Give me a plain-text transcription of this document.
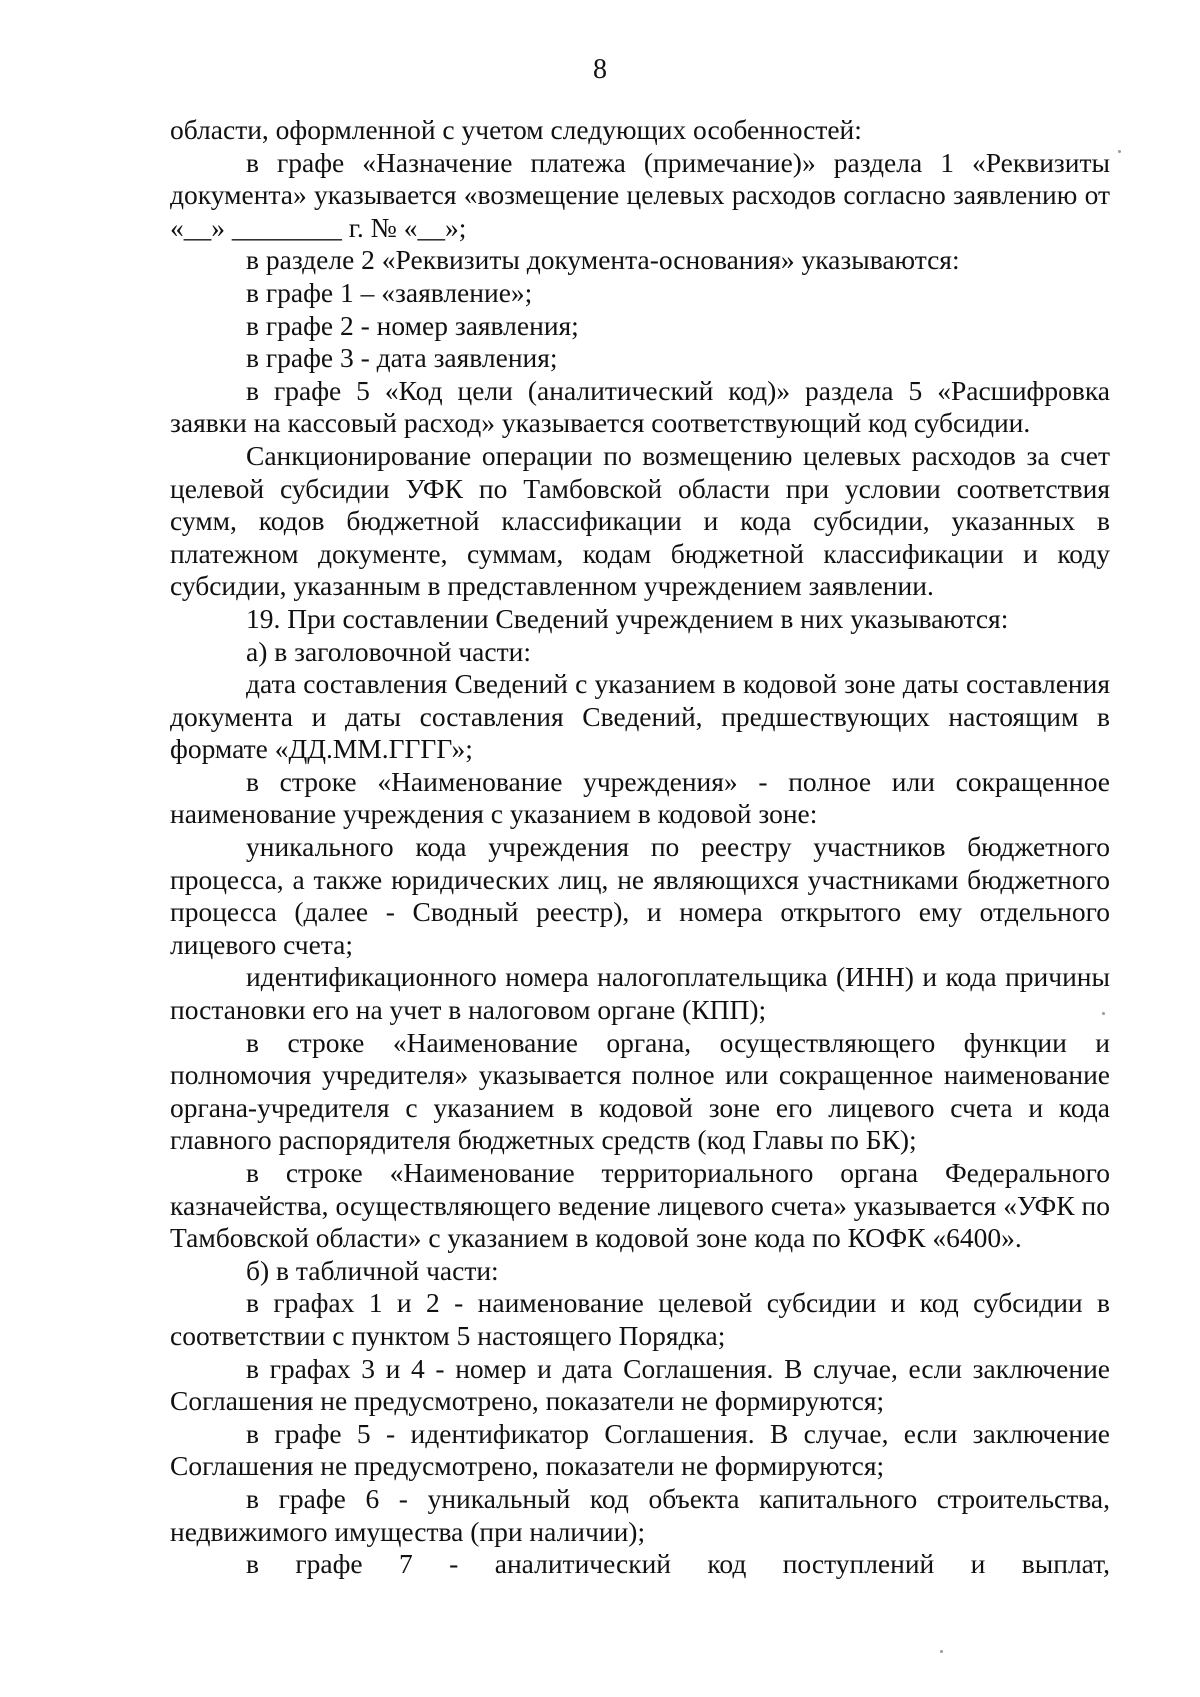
8

области, оформленной с учетом следующих особенностей:

в графе «Назначение платежа (примечание)» раздела 1 «Реквизиты документа» указывается «возмещение целевых расходов согласно заявлению от «__» ________ г. № «__»;

в разделе 2 «Реквизиты документа-основания» указываются:

в графе 1 – «заявление»;

в графе 2 - номер заявления;

в графе 3 - дата заявления;

в графе 5 «Код цели (аналитический код)» раздела 5 «Расшифровка заявки на кассовый расход» указывается соответствующий код субсидии.

Санкционирование операции по возмещению целевых расходов за счет целевой субсидии УФК по Тамбовской области при условии соответствия сумм, кодов бюджетной классификации и кода субсидии, указанных в платежном документе, суммам, кодам бюджетной классификации и коду субсидии, указанным в представленном учреждением заявлении.

19. При составлении Сведений учреждением в них указываются:

а) в заголовочной части:

дата составления Сведений с указанием в кодовой зоне даты составления документа и даты составления Сведений, предшествующих настоящим в формате «ДД.ММ.ГГГГ»;

в строке «Наименование учреждения» - полное или сокращенное наименование учреждения с указанием в кодовой зоне:

уникального кода учреждения по реестру участников бюджетного процесса, а также юридических лиц, не являющихся участниками бюджетного процесса (далее - Сводный реестр), и номера открытого ему отдельного лицевого счета;

идентификационного номера налогоплательщика (ИНН) и кода причины постановки его на учет в налоговом органе (КПП);

в строке «Наименование органа, осуществляющего функции и полномочия учредителя» указывается полное или сокращенное наименование органа-учредителя с указанием в кодовой зоне его лицевого счета и кода главного распорядителя бюджетных средств (код Главы по БК);

в строке «Наименование территориального органа Федерального казначейства, осуществляющего ведение лицевого счета» указывается «УФК по Тамбовской области» с указанием в кодовой зоне кода по КОФК «6400».

б) в табличной части:

в графах 1 и 2 - наименование целевой субсидии и код субсидии в соответствии с пунктом 5 настоящего Порядка;

в графах 3 и 4 - номер и дата Соглашения. В случае, если заключение Соглашения не предусмотрено, показатели не формируются;

в графе 5 - идентификатор Соглашения. В случае, если заключение Соглашения не предусмотрено, показатели не формируются;

в графе 6 - уникальный код объекта капитального строительства, недвижимого имущества (при наличии);

в графе 7 - аналитический код поступлений и выплат,
